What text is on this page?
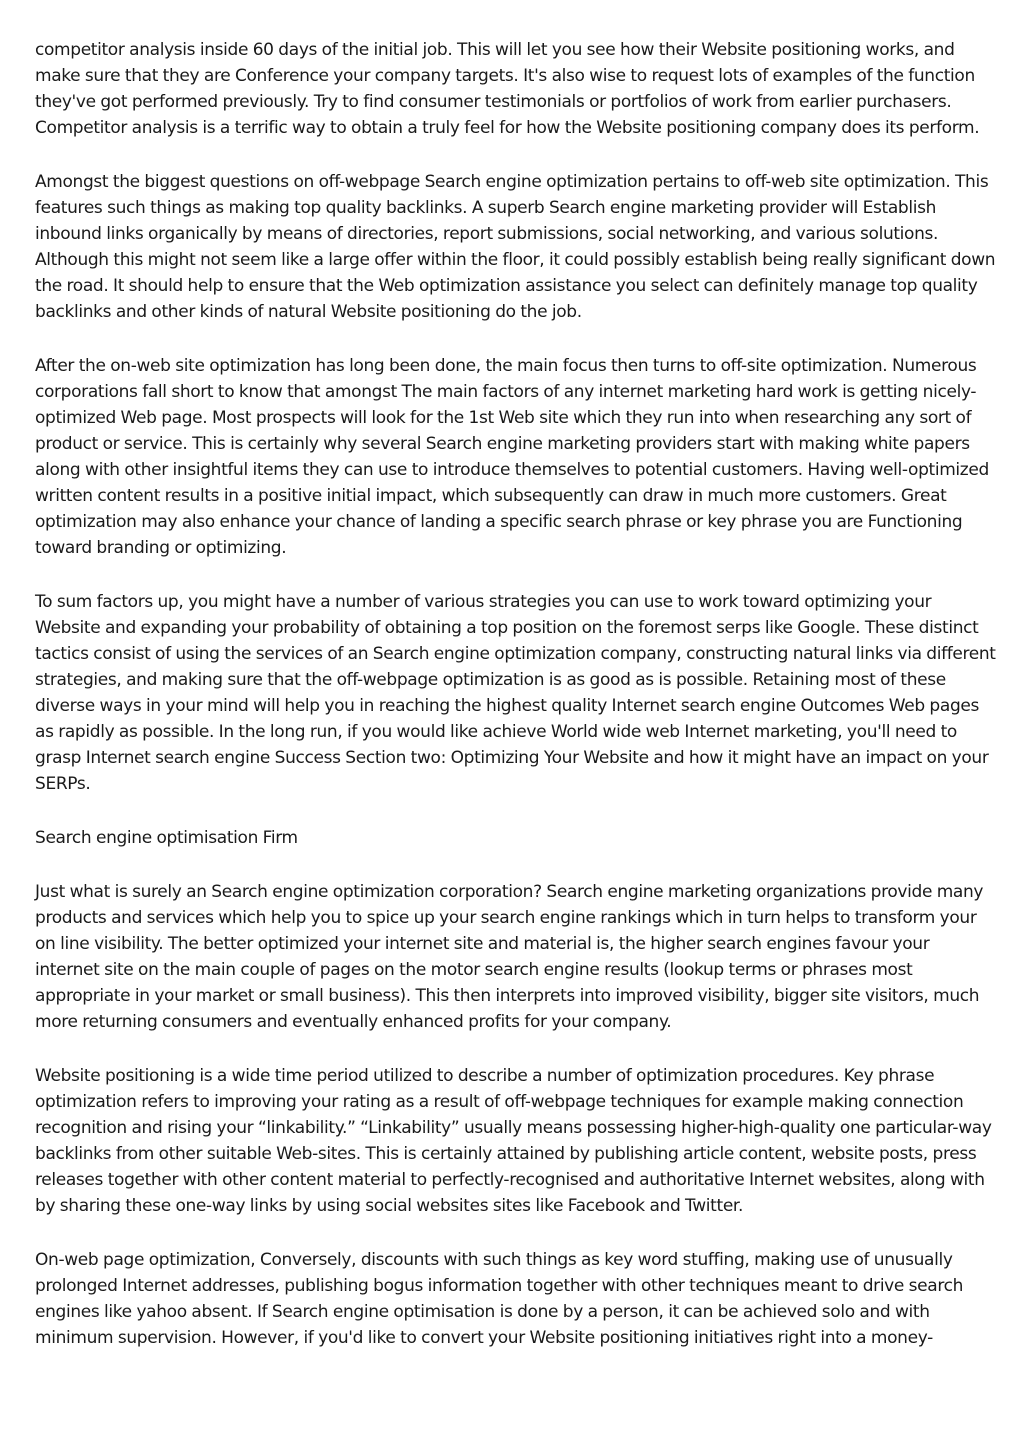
competitor analysis inside 60 days of the initial job. This will let you see how their Website positioning works, and make sure that they are Conference your company targets. It's also wise to request lots of examples of the function they've got performed previously. Try to find consumer testimonials or portfolios of work from earlier purchasers. Competitor analysis is a terrific way to obtain a truly feel for how the Website positioning company does its perform.

Amongst the biggest questions on off-webpage Search engine optimization pertains to off-web site optimization. This features such things as making top quality backlinks. A superb Search engine marketing provider will Establish inbound links organically by means of directories, report submissions, social networking, and various solutions. Although this might not seem like a large offer within the floor, it could possibly establish being really significant down the road. It should help to ensure that the Web optimization assistance you select can definitely manage top quality backlinks and other kinds of natural Website positioning do the job.

After the on-web site optimization has long been done, the main focus then turns to off-site optimization. Numerous corporations fall short to know that amongst The main factors of any internet marketing hard work is getting nicely-optimized Web page. Most prospects will look for the 1st Web site which they run into when researching any sort of product or service. This is certainly why several Search engine marketing providers start with making white papers along with other insightful items they can use to introduce themselves to potential customers. Having well-optimized written content results in a positive initial impact, which subsequently can draw in much more customers. Great optimization may also enhance your chance of landing a specific search phrase or key phrase you are Functioning toward branding or optimizing.

To sum factors up, you might have a number of various strategies you can use to work toward optimizing your Website and expanding your probability of obtaining a top position on the foremost serps like Google. These distinct tactics consist of using the services of an Search engine optimization company, constructing natural links via different strategies, and making sure that the off-webpage optimization is as good as is possible. Retaining most of these diverse ways in your mind will help you in reaching the highest quality Internet search engine Outcomes Web pages as rapidly as possible. In the long run, if you would like achieve World wide web Internet marketing, you'll need to grasp Internet search engine Success Section two: Optimizing Your Website and how it might have an impact on your SERPs.

Search engine optimisation Firm

Just what is surely an Search engine optimization corporation? Search engine marketing organizations provide many products and services which help you to spice up your search engine rankings which in turn helps to transform your on line visibility. The better optimized your internet site and material is, the higher search engines favour your internet site on the main couple of pages on the motor search engine results (lookup terms or phrases most appropriate in your market or small business). This then interprets into improved visibility, bigger site visitors, much more returning consumers and eventually enhanced profits for your company.

Website positioning is a wide time period utilized to describe a number of optimization procedures. Key phrase optimization refers to improving your rating as a result of off-webpage techniques for example making connection recognition and rising your “linkability.” “Linkability” usually means possessing higher-high-quality one particular-way backlinks from other suitable Web-sites. This is certainly attained by publishing article content, website posts, press releases together with other content material to perfectly-recognised and authoritative Internet websites, along with by sharing these one-way links by using social websites sites like Facebook and Twitter.

On-web page optimization, Conversely, discounts with such things as key word stuffing, making use of unusually prolonged Internet addresses, publishing bogus information together with other techniques meant to drive search engines like yahoo absent. If Search engine optimisation is done by a person, it can be achieved solo and with minimum supervision. However, if you'd like to convert your Website positioning initiatives right into a money-
